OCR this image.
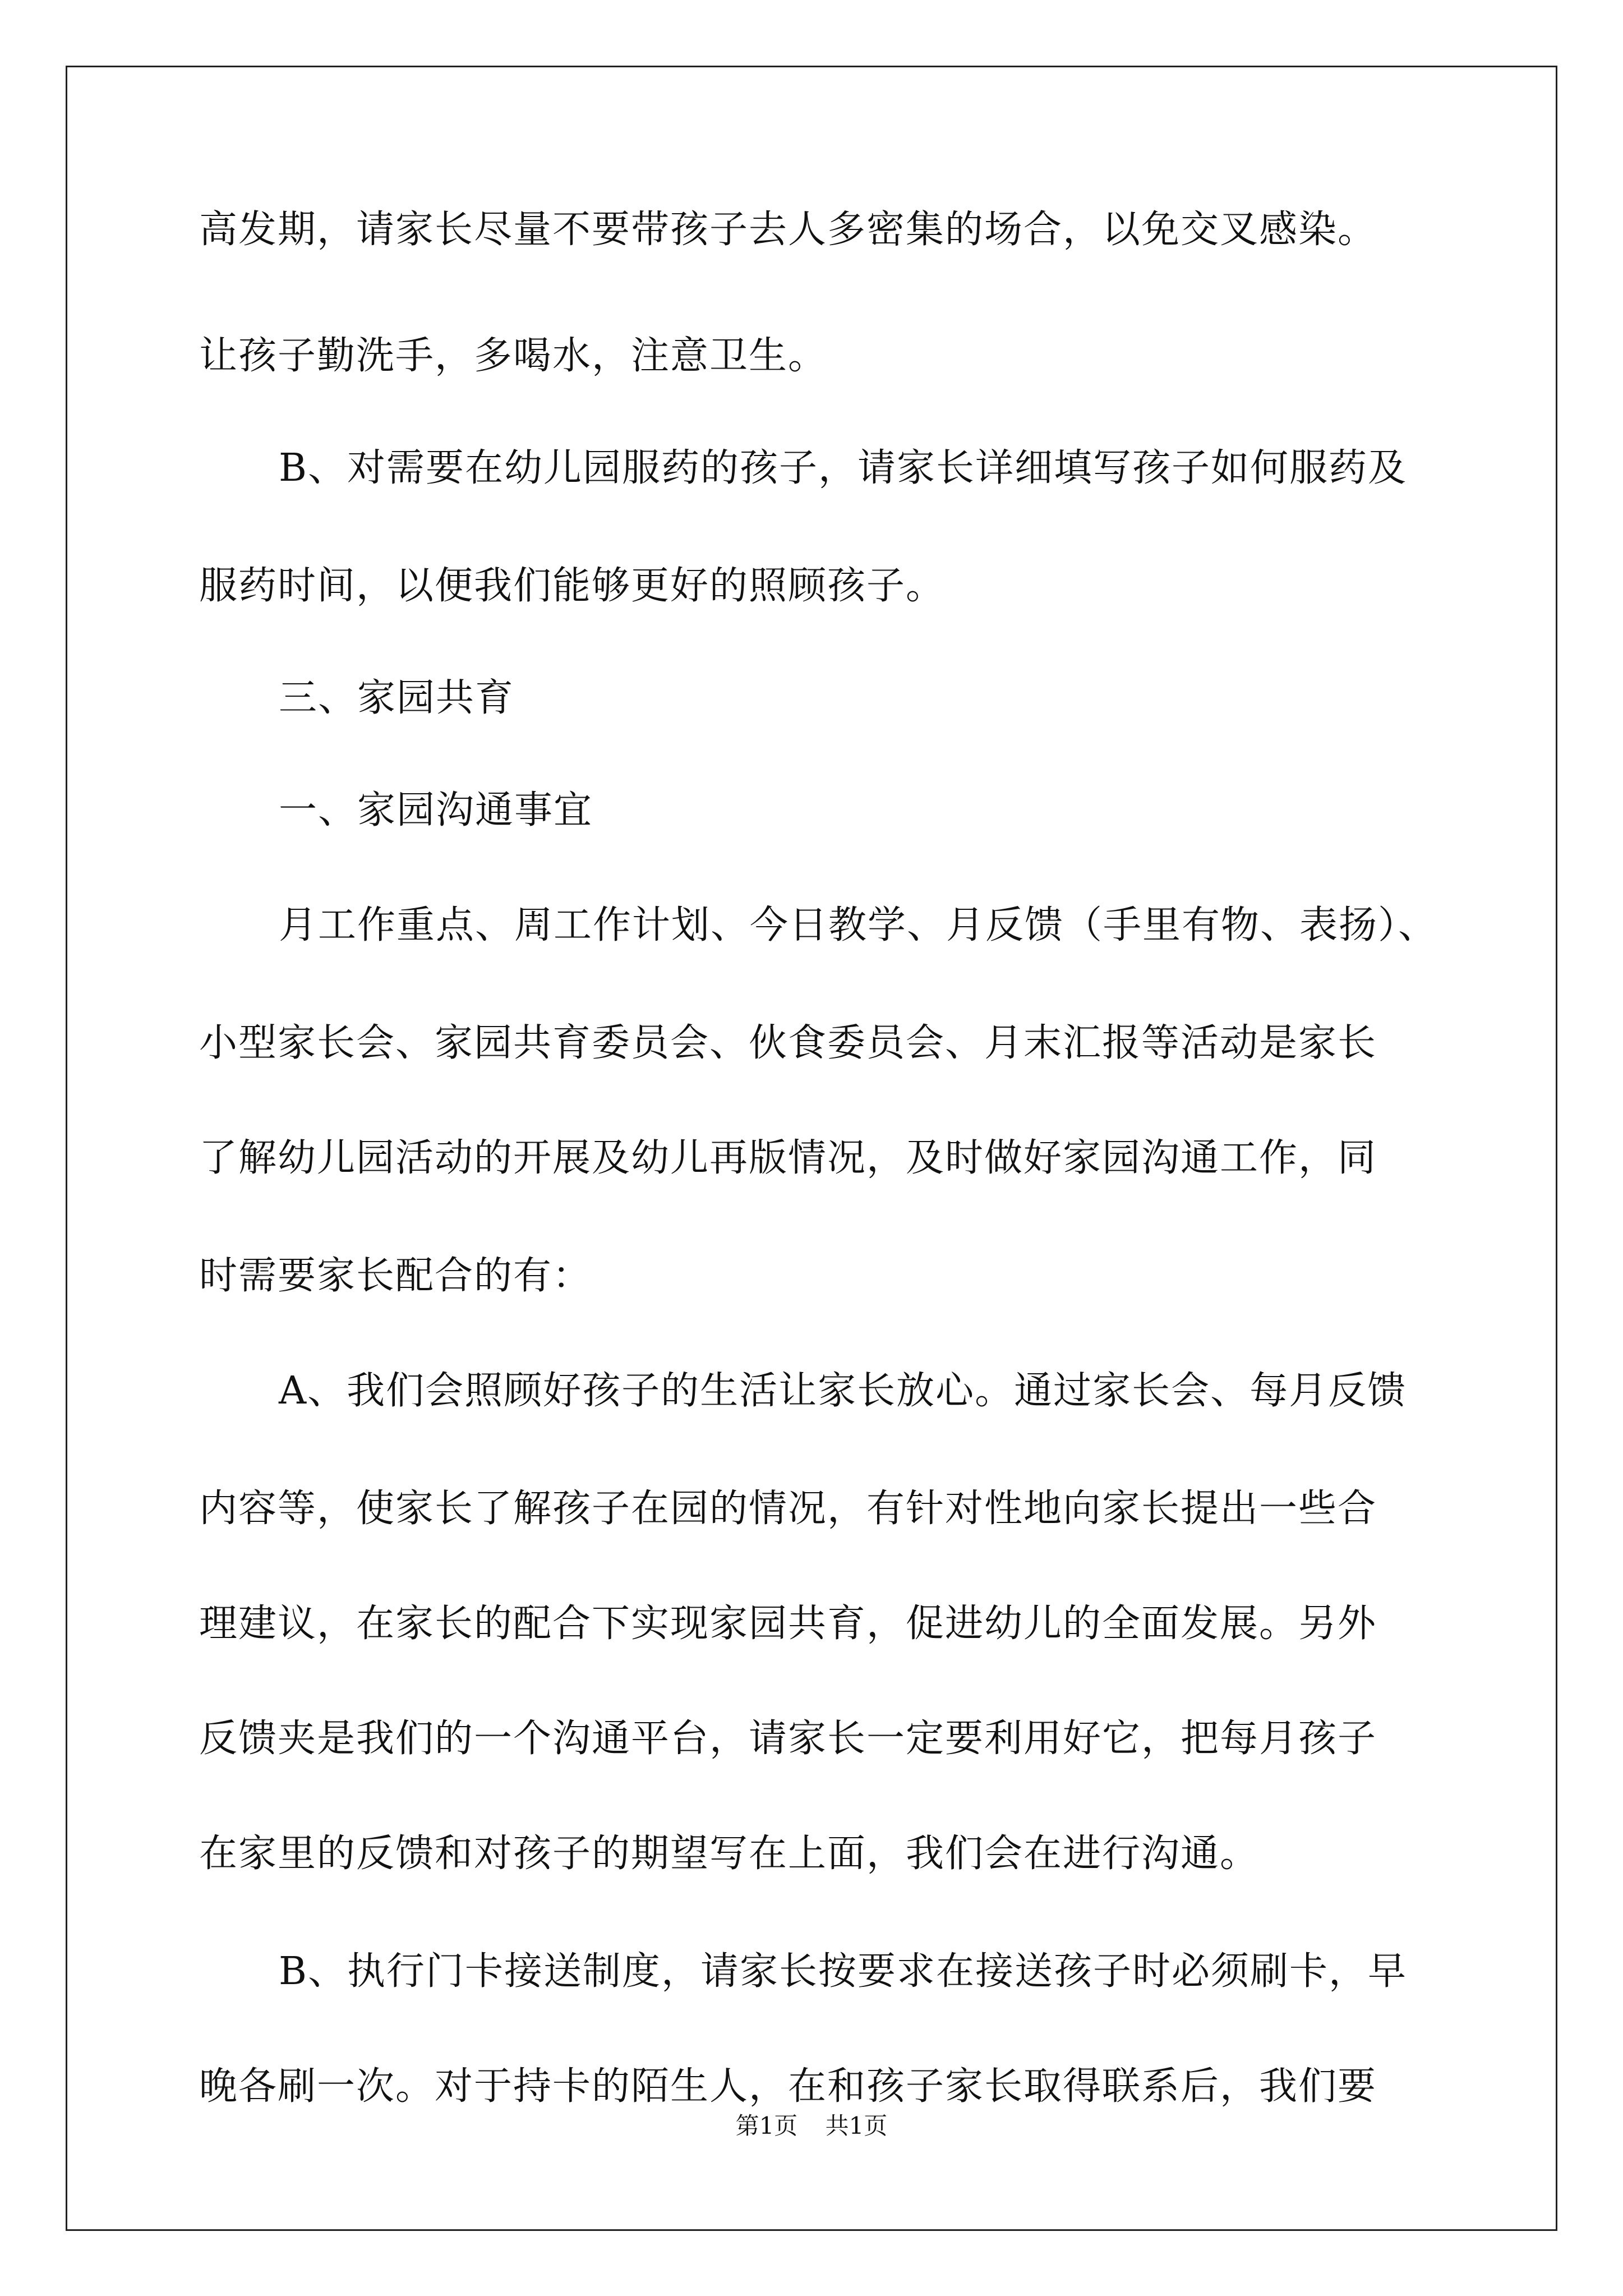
高发期，请家长尽量不要带孩子去人多密集的场合，以免交叉感染。
让孩子勤洗手，多喝水，注意卫生。
B、对需要在幼儿园服药的孩子，请家长详细填写孩子如何服药及
服药时间，以便我们能够更好的照顾孩子。
三、家园共育
一、家园沟通事宜
月工作重点、周工作计划、今日教学、月反馈（手里有物、表扬）、
小型家长会、家园共育委员会、伙食委员会、月末汇报等活动是家长
了解幼儿园活动的开展及幼儿再版情况，及时做好家园沟通工作，同
时需要家长配合的有：
A、我们会照顾好孩子的生活让家长放心。通过家长会、每月反馈
内容等，使家长了解孩子在园的情况，有针对性地向家长提出一些合
理建议，在家长的配合下实现家园共育，促进幼儿的全面发展。另外
反馈夹是我们的一个沟通平台，请家长一定要利用好它，把每月孩子
在家里的反馈和对孩子的期望写在上面，我们会在进行沟通。
B、执行门卡接送制度，请家长按要求在接送孩子时必须刷卡，早
晚各刷一次。对于持卡的陌生人，在和孩子家长取得联系后，我们要
第1页 共1页
